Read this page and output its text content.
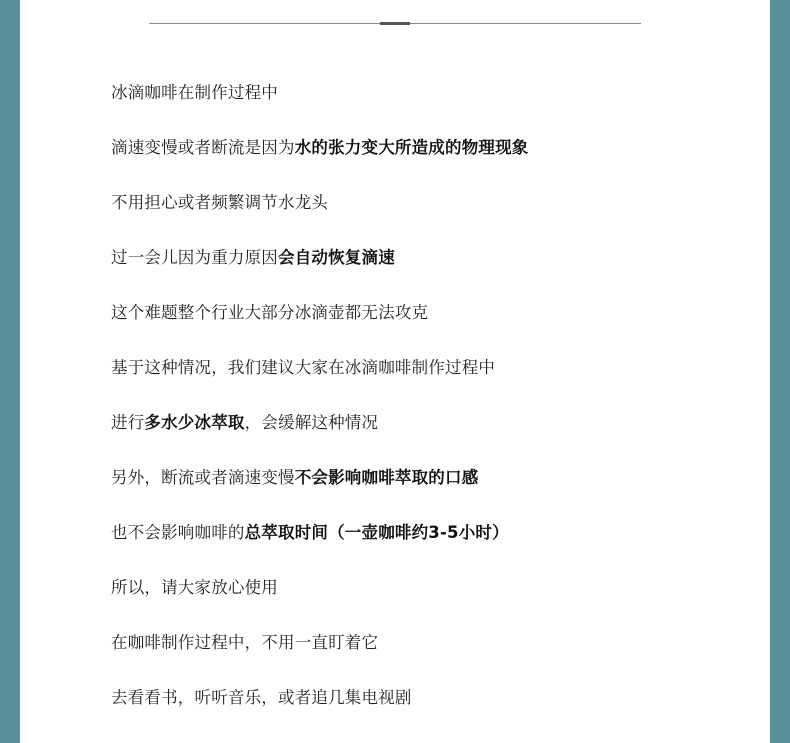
冰滴咖啡在制作过程中
滴速变慢或者断流是因为水的张力变大所造成的物理现象
不用担心或者频繁调节水龙头
过一会儿因为重力原因会自动恢复滴速
这个难题整个行业大部分冰滴壶都无法攻克
基于这种情况，我们建议大家在冰滴咖啡制作过程中
进行多水少冰萃取，会缓解这种情况
另外，断流或者滴速变慢不会影响咖啡萃取的口感
也不会影响咖啡的总萃取时间（一壶咖啡约3-5小时）
所以，请大家放心使用
在咖啡制作过程中，不用一直盯着它
去看看书，听听音乐，或者追几集电视剧
